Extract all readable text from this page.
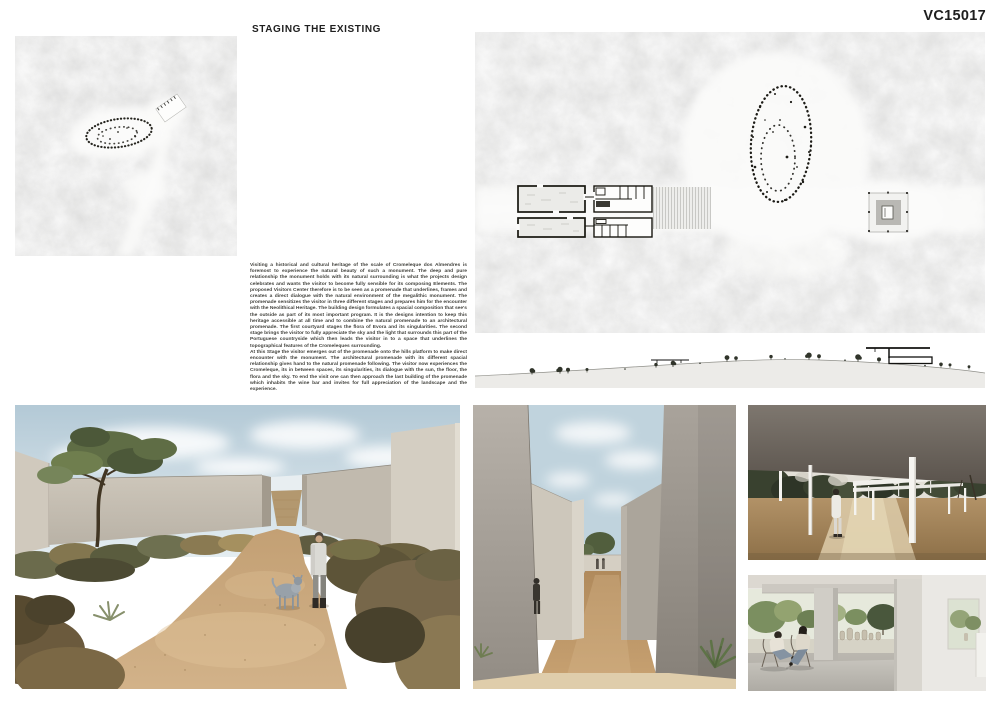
STAGING THE EXISTING
VC15017

Visiting a historical and cultural heritage of the scale of Cromeleque dos Almendres is foremost to experience the natural beauty of such a monument. The deep and pure relationship the monument holds with its natural surrounding is what the projects design celebrates and wants the visitor to become fully sensible for its composing Elements. The proposed Visitors Center therefore is to be seen as a promenade that underlines, frames and creates a direct dialogue with the natural environment of the megalithic monument. The promenade sensitizes the visitor in three different stages and prepares him for the encounter with the Neolithical Heritage. The building design formulates a spacial composition that see's the outside as part of its most important program. It is the designs intention to keep this heritage accessible at all time and to combine the natural promenade to an architectural promenade. The first courtyard stages the flora of Evora and its singularities. The second stage brings the visitor to fully appreciate the sky and the light that surrounds this part of the Portuguese countryside which then leads the visitor in to a space that underlines the topographical features of the Cromeleques surrounding.

At this Stage the visitor emerges out of the promenade onto the hills platform to make direct encounter with the monument. The architectural promenade with its different spacial relationship gives hand to the natural promenade following. The visitor now experiences the Cromeleque, its in between spaces, its singularities, its dialogue with the sun, the floor, the flora and the sky. To end the visit one can then approach the last building of the promenade which inhabits the wine bar and invites for full appreciation of the landscape and the experience.
